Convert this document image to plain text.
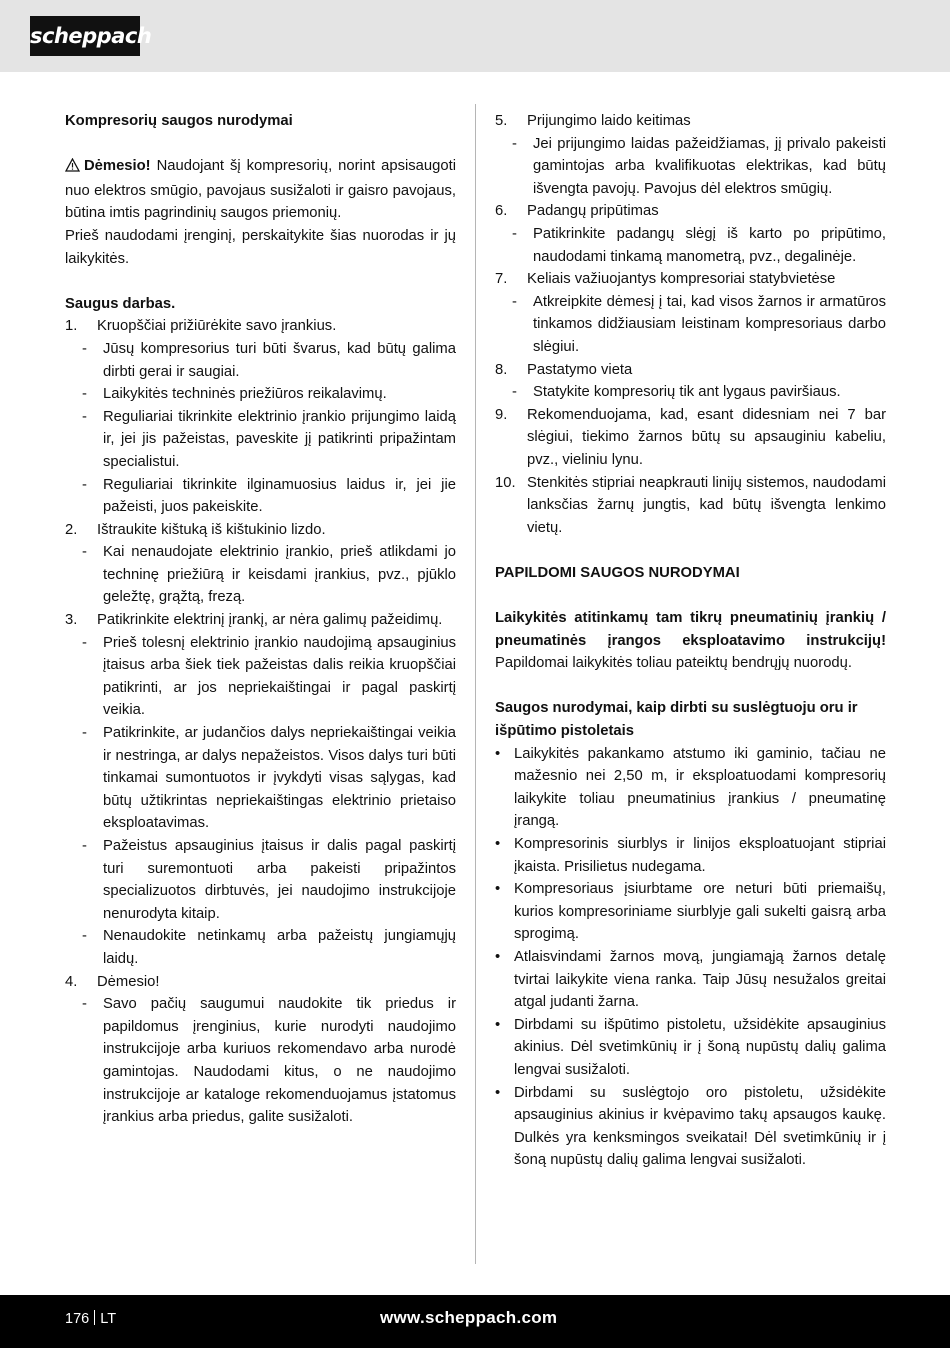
scheppach
Kompresorių saugos nurodymai
Dėmesio! Naudojant šį kompresorių, norint apsisaugoti nuo elektros smūgio, pavojaus susižaloti ir gaisro pavojaus, būtina imtis pagrindinių saugos priemonių.
Prieš naudodami įrenginį, perskaitykite šias nuorodas ir jų laikykitės.
Saugus darbas.
1.	Kruopščiai prižiūrėkite savo įrankius.
-	Jūsų kompresorius turi būti švarus, kad būtų galima dirbti gerai ir saugiai.
-	Laikykitės techninės priežiūros reikalavimų.
-	Reguliariai tikrinkite elektrinio įrankio prijungimo laidą ir, jei jis pažeistas, paveskite jį patikrinti pripažintam specialistui.
-	Reguliariai tikrinkite ilginamuosius laidus ir, jei jie pažeisti, juos pakeiskite.
2.	Ištraukite kištuką iš kištukinio lizdo.
-	Kai nenaudojate elektrinio įrankio, prieš atlikdami jo techninę priežiūrą ir keisdami įrankius, pvz., pjūklo geležtę, grąžtą, frezą.
3.	Patikrinkite elektrinį įrankį, ar nėra galimų pažeidimų.
-	Prieš tolesnį elektrinio įrankio naudojimą apsauginius įtaisus arba šiek tiek pažeistas dalis reikia kruopščiai patikrinti, ar jos nepriekaištingai ir pagal paskirtį veikia.
-	Patikrinkite, ar judančios dalys nepriekaištingai veikia ir nestringa, ar dalys nepažeistos. Visos dalys turi būti tinkamai sumontuotos ir įvykdyti visas sąlygas, kad būtų užtikrintas nepriekaištingas elektrinio prietaiso eksploatavimas.
-	Pažeistus apsauginius įtaisus ir dalis pagal paskirtį turi suremontuoti arba pakeisti pripažintos specializuotos dirbtuvės, jei naudojimo instrukcijoje nenurodyta kitaip.
-	Nenaudokite netinkamų arba pažeistų jungiamųjų laidų.
4.	Dėmesio!
-	Savo pačių saugumui naudokite tik priedus ir papildomus įrenginius, kurie nurodyti naudojimo instrukcijoje arba kuriuos rekomendavo arba nurodė gamintojas. Naudodami kitus, o ne naudojimo instrukcijoje ar kataloge rekomenduojamus įstatomus įrankius arba priedus, galite susižaloti.
5.	Prijungimo laido keitimas
-	Jei prijungimo laidas pažeidžiamas, jį privalo pakeisti gamintojas arba kvalifikuotas elektrikas, kad būtų išvengta pavojų. Pavojus dėl elektros smūgių.
6.	Padangų pripūtimas
-	Patikrinkite padangų slėgį iš karto po pripūtimo, naudodami tinkamą manometrą, pvz., degalinėje.
7.	Keliais važiuojantys kompresoriai statybvietėse
-	Atkreipkite dėmesį į tai, kad visos žarnos ir armatūros tinkamos didžiausiam leistinam kompresoriaus darbo slėgiui.
8.	Pastatymo vieta
-	Statykite kompresorių tik ant lygaus paviršiaus.
9.	Rekomenduojama, kad, esant didesniam nei 7 bar slėgiui, tiekimo žarnos būtų su apsauginiu kabeliu, pvz., vieliniu lynu.
10. Stenkitės stipriai neapkrauti linijų sistemos, naudodami lanksčias žarnų jungtis, kad būtų išvengta lenkimo vietų.
PAPILDOMI SAUGOS NURODYMAI
Laikykitės atitinkamų tam tikrų pneumatinių įrankių / pneumatinės įrangos eksploatavimo instrukcijų! Papildomai laikykitės toliau pateiktų bendrųjų nuorodų.
Saugos nurodymai, kaip dirbti su suslėgtuoju oru ir išpūtimo pistoletais
• Laikykitės pakankamo atstumo iki gaminio, tačiau ne mažesnio nei 2,50 m, ir eksploatuodami kompresorių laikykite toliau pneumatinius įrankius / pneumatinę įrangą.
• Kompresorinis siurblys ir linijos eksploatuojant stipriai įkaista. Prisilietus nudegama.
• Kompresoriaus įsiurbtame ore neturi būti priemaišų, kurios kompresoriniame siurblyje gali sukelti gaisrą arba sprogimą.
• Atlaisvindami žarnos movą, jungiamąją žarnos detalę tvirtai laikykite viena ranka. Taip Jūsų nesužalos greitai atgal judanti žarna.
• Dirbdami su išpūtimo pistoletu, užsidėkite apsauginius akinius. Dėl svetimkūnių ir į šoną nupūstų dalių galima lengvai susižaloti.
• Dirbdami su suslėgtojo oro pistoletu, užsidėkite apsauginius akinius ir kvėpavimo takų apsaugos kaukę. Dulkės yra kenksmingos sveikatai! Dėl svetimkūnių ir į šoną nupūstų dalių galima lengvai susižaloti.
176 LT	www.scheppach.com
